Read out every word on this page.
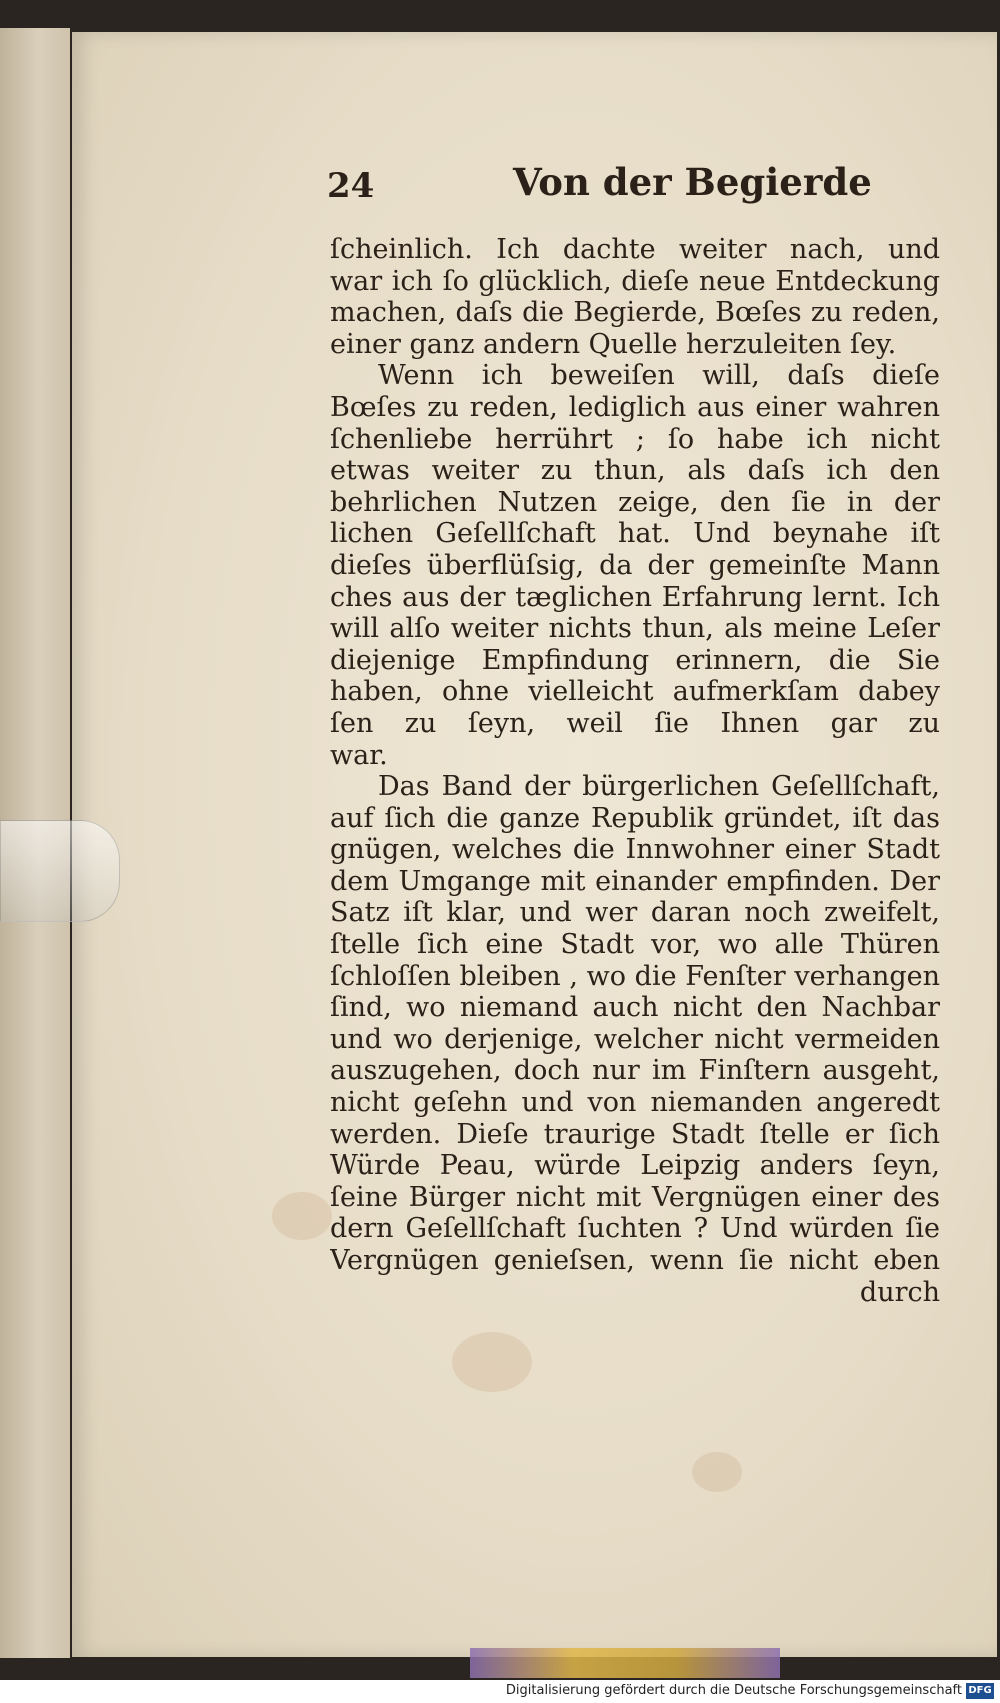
24	Von der Begierde
ſcheinlich. Ich dachte weiter nach, und
war ich ſo glücklich, dieſe neue Entdeckung
machen, daſs die Begierde, Bœſes zu reden,
einer ganz andern Quelle herzuleiten ſey.
Wenn ich beweiſen will, daſs dieſe
Bœſes zu reden, lediglich aus einer wahren
ſchenliebe herrührt ; ſo habe ich nicht
etwas weiter zu thun, als daſs ich den
behrlichen Nutzen zeige, den ſie in der
lichen Geſellſchaft hat. Und beynahe iſt
dieſes überflüſsig, da der gemeinſte Mann
ches aus der tæglichen Erfahrung lernt. Ich
will alſo weiter nichts thun, als meine Leſer
diejenige Empfindung erinnern, die Sie
haben, ohne vielleicht aufmerkſam dabey
ſen zu ſeyn, weil ſie Ihnen gar zu
war.
Das Band der bürgerlichen Geſellſchaft,
auf ſich die ganze Republik gründet, iſt das
gnügen, welches die Innwohner einer Stadt
dem Umgange mit einander empfinden. Der
Satz iſt klar, und wer daran noch zweifelt,
ſtelle ſich eine Stadt vor, wo alle Thüren
ſchloſſen bleiben , wo die Fenſter verhangen
ſind, wo niemand auch nicht den Nachbar
und wo derjenige, welcher nicht vermeiden
auszugehen, doch nur im Finſtern ausgeht,
nicht geſehn und von niemanden angeredt
werden. Dieſe traurige Stadt ſtelle er ſich
Würde Peau, würde Leipzig anders ſeyn,
ſeine Bürger nicht mit Vergnügen einer des
dern Geſellſchaft ſuchten ? Und würden ſie
Vergnügen genieſsen, wenn ſie nicht eben
durch
Digitalisierung gefördert durch die Deutsche Forschungsgemeinschaft DFG
